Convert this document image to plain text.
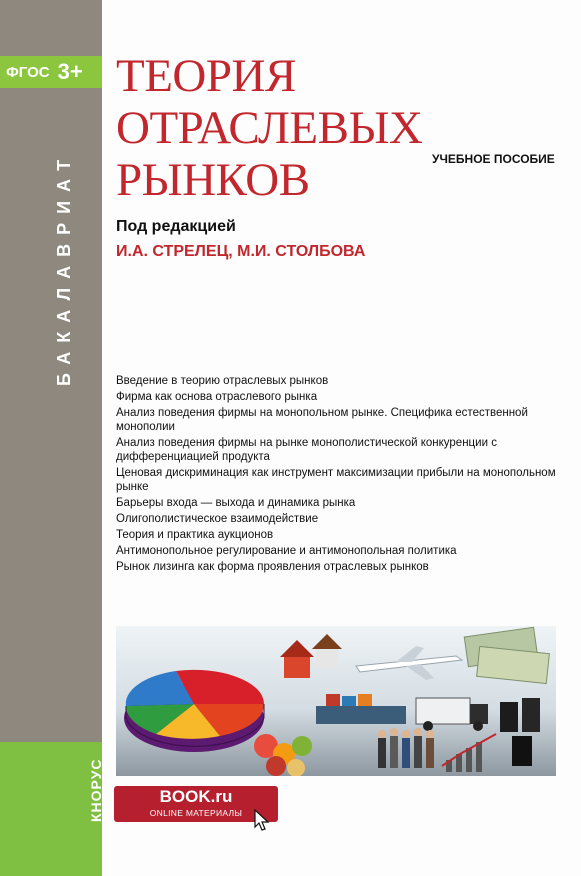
ФГОС 3+
БАКАЛАВРИАТ
КНОРУС
ТЕОРИЯ ОТРАСЛЕВЫХ
РЫНКОВ	УЧЕБНОЕ ПОСОБИЕ
Под редакцией
И.А. СТРЕЛЕЦ, М.И. СТОЛБОВА
Введение в теорию отраслевых рынков
Фирма как основа отраслевого рынка
Анализ поведения фирмы на монопольном рынке. Специфика естественной монополии
Анализ поведения фирмы на рынке монополистической конкуренции с дифференциацией продукта
Ценовая дискриминация как инструмент максимизации прибыли на монопольном рынке
Барьеры входа — выхода и динамика рынка
Олигополистическое взаимодействие
Теория и практика аукционов
Антимонопольное регулирование и антимонопольная политика
Рынок лизинга как форма проявления отраслевых рынков
BOOK.ru
ONLINE МАТЕРИАЛЫ
